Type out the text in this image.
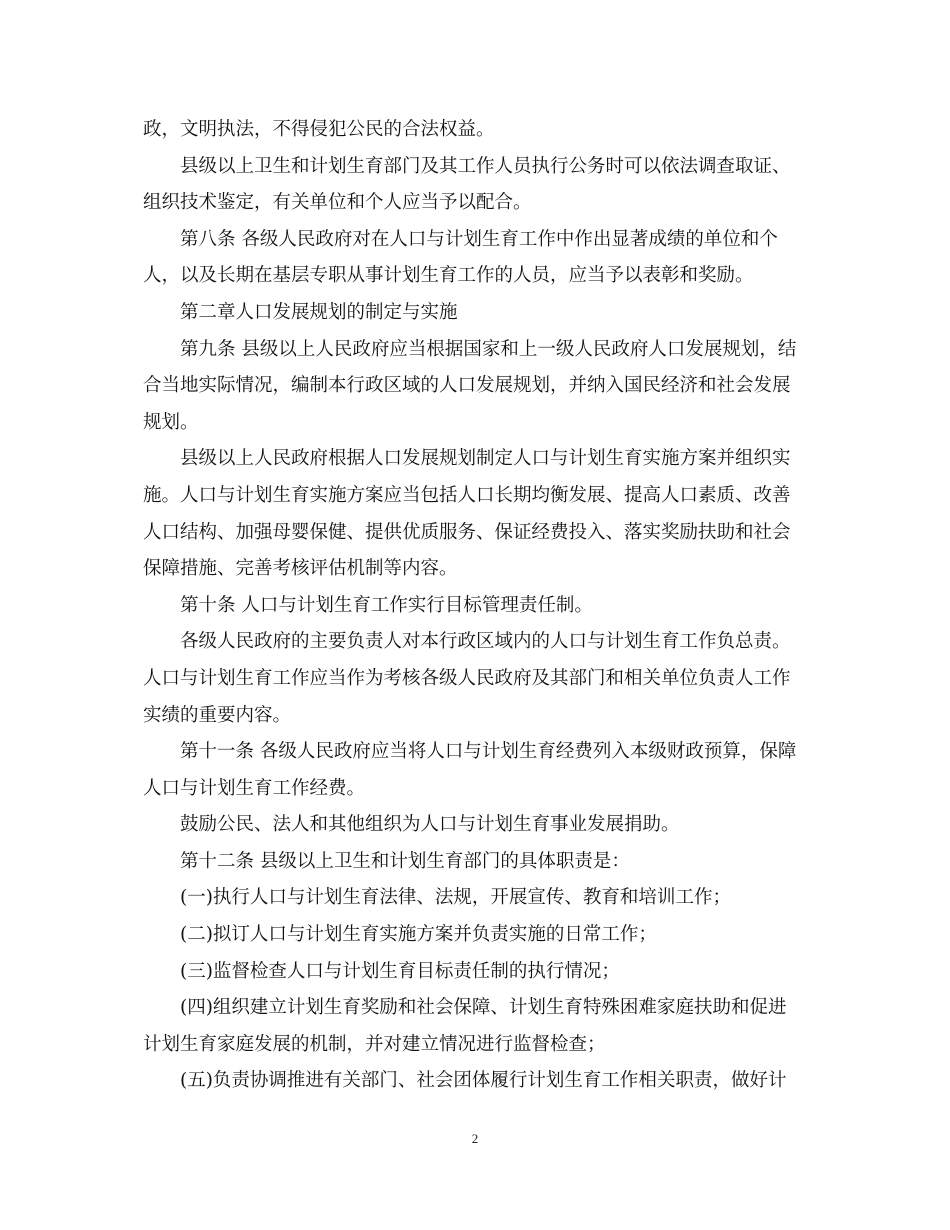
政，文明执法，不得侵犯公民的合法权益。
　　县级以上卫生和计划生育部门及其工作人员执行公务时可以依法调查取证、
组织技术鉴定，有关单位和个人应当予以配合。
　　第八条 各级人民政府对在人口与计划生育工作中作出显著成绩的单位和个
人，以及长期在基层专职从事计划生育工作的人员，应当予以表彰和奖励。
　　第二章人口发展规划的制定与实施
　　第九条 县级以上人民政府应当根据国家和上一级人民政府人口发展规划，结
合当地实际情况，编制本行政区域的人口发展规划，并纳入国民经济和社会发展
规划。
　　县级以上人民政府根据人口发展规划制定人口与计划生育实施方案并组织实
施。人口与计划生育实施方案应当包括人口长期均衡发展、提高人口素质、改善
人口结构、加强母婴保健、提供优质服务、保证经费投入、落实奖励扶助和社会
保障措施、完善考核评估机制等内容。
　　第十条 人口与计划生育工作实行目标管理责任制。
　　各级人民政府的主要负责人对本行政区域内的人口与计划生育工作负总责。
人口与计划生育工作应当作为考核各级人民政府及其部门和相关单位负责人工作
实绩的重要内容。
　　第十一条 各级人民政府应当将人口与计划生育经费列入本级财政预算，保障
人口与计划生育工作经费。
　　鼓励公民、法人和其他组织为人口与计划生育事业发展捐助。
　　第十二条 县级以上卫生和计划生育部门的具体职责是：
　　(一)执行人口与计划生育法律、法规，开展宣传、教育和培训工作；
　　(二)拟订人口与计划生育实施方案并负责实施的日常工作；
　　(三)监督检查人口与计划生育目标责任制的执行情况；
　　(四)组织建立计划生育奖励和社会保障、计划生育特殊困难家庭扶助和促进
计划生育家庭发展的机制，并对建立情况进行监督检查；
　　(五)负责协调推进有关部门、社会团体履行计划生育工作相关职责，做好计
2
